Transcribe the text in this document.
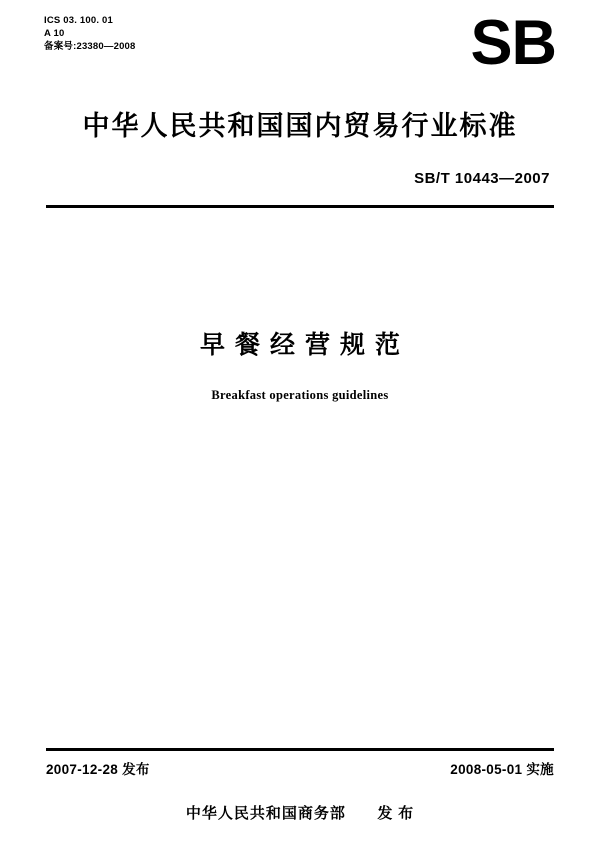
ICS 03. 100. 01
A 10
备案号:23380—2008	SB
中华人民共和国国内贸易行业标准
SB/T 10443—2007
早餐经营规范
Breakfast operations guidelines
2007-12-28 发布	2008-05-01 实施
中华人民共和国商务部 发 布
